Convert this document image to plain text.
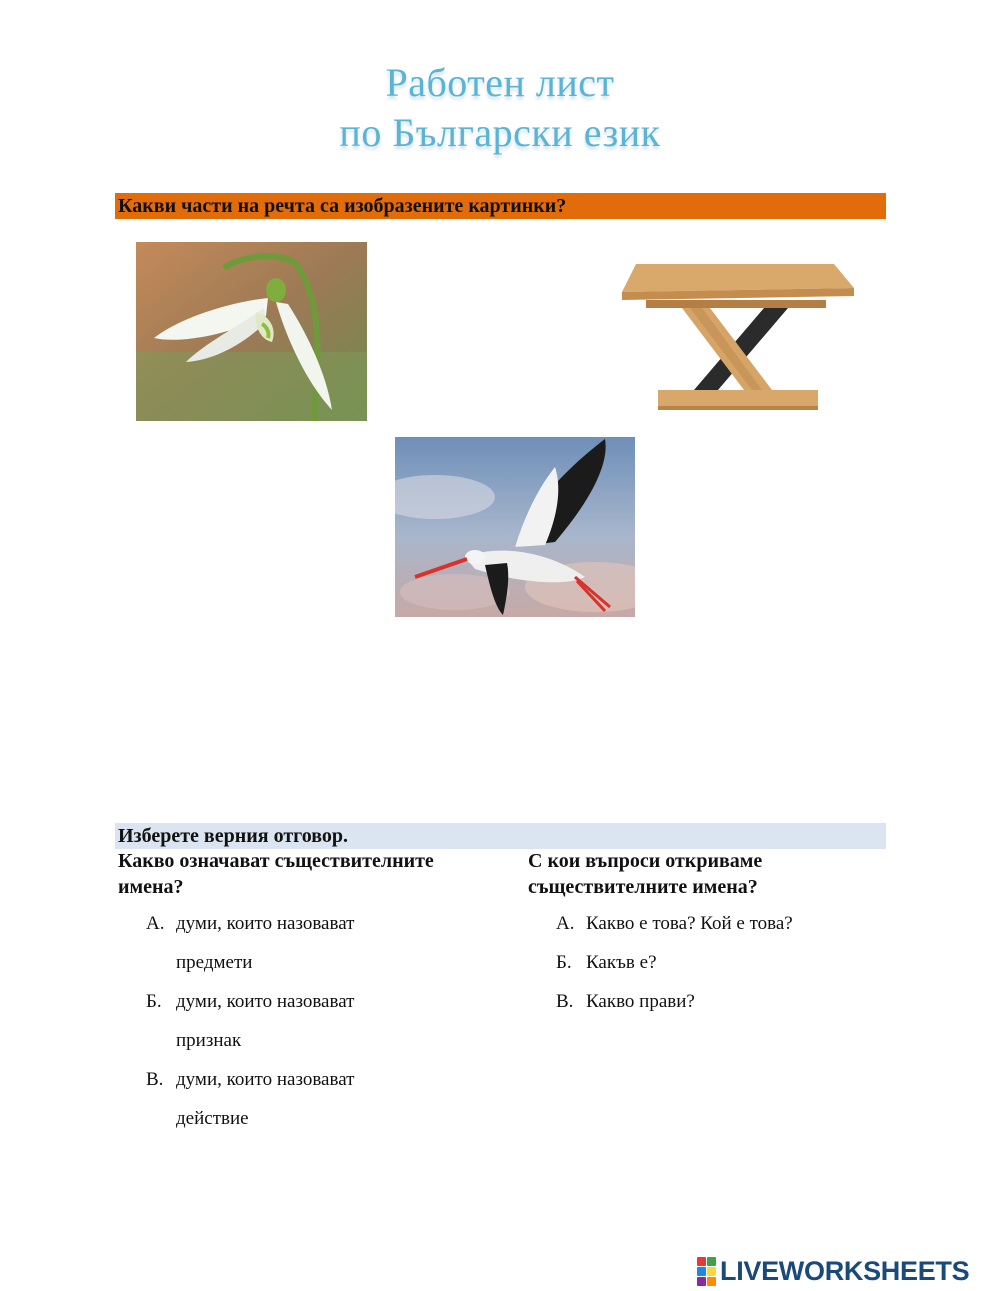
Работен лист
по Български език
Какви части на речта са изобразените картинки?
Изберете верния отговор.

Какво означават съществителните имена?

А. думи, които назовават предмети
Б. думи, които назовават признак
В. думи, които назовават действие

С кои въпроси откриваме съществителните имена?

А. Какво е това? Кой е това?
Б. Какъв е?
В. Какво прави?
LIVEWORKSHEETS
